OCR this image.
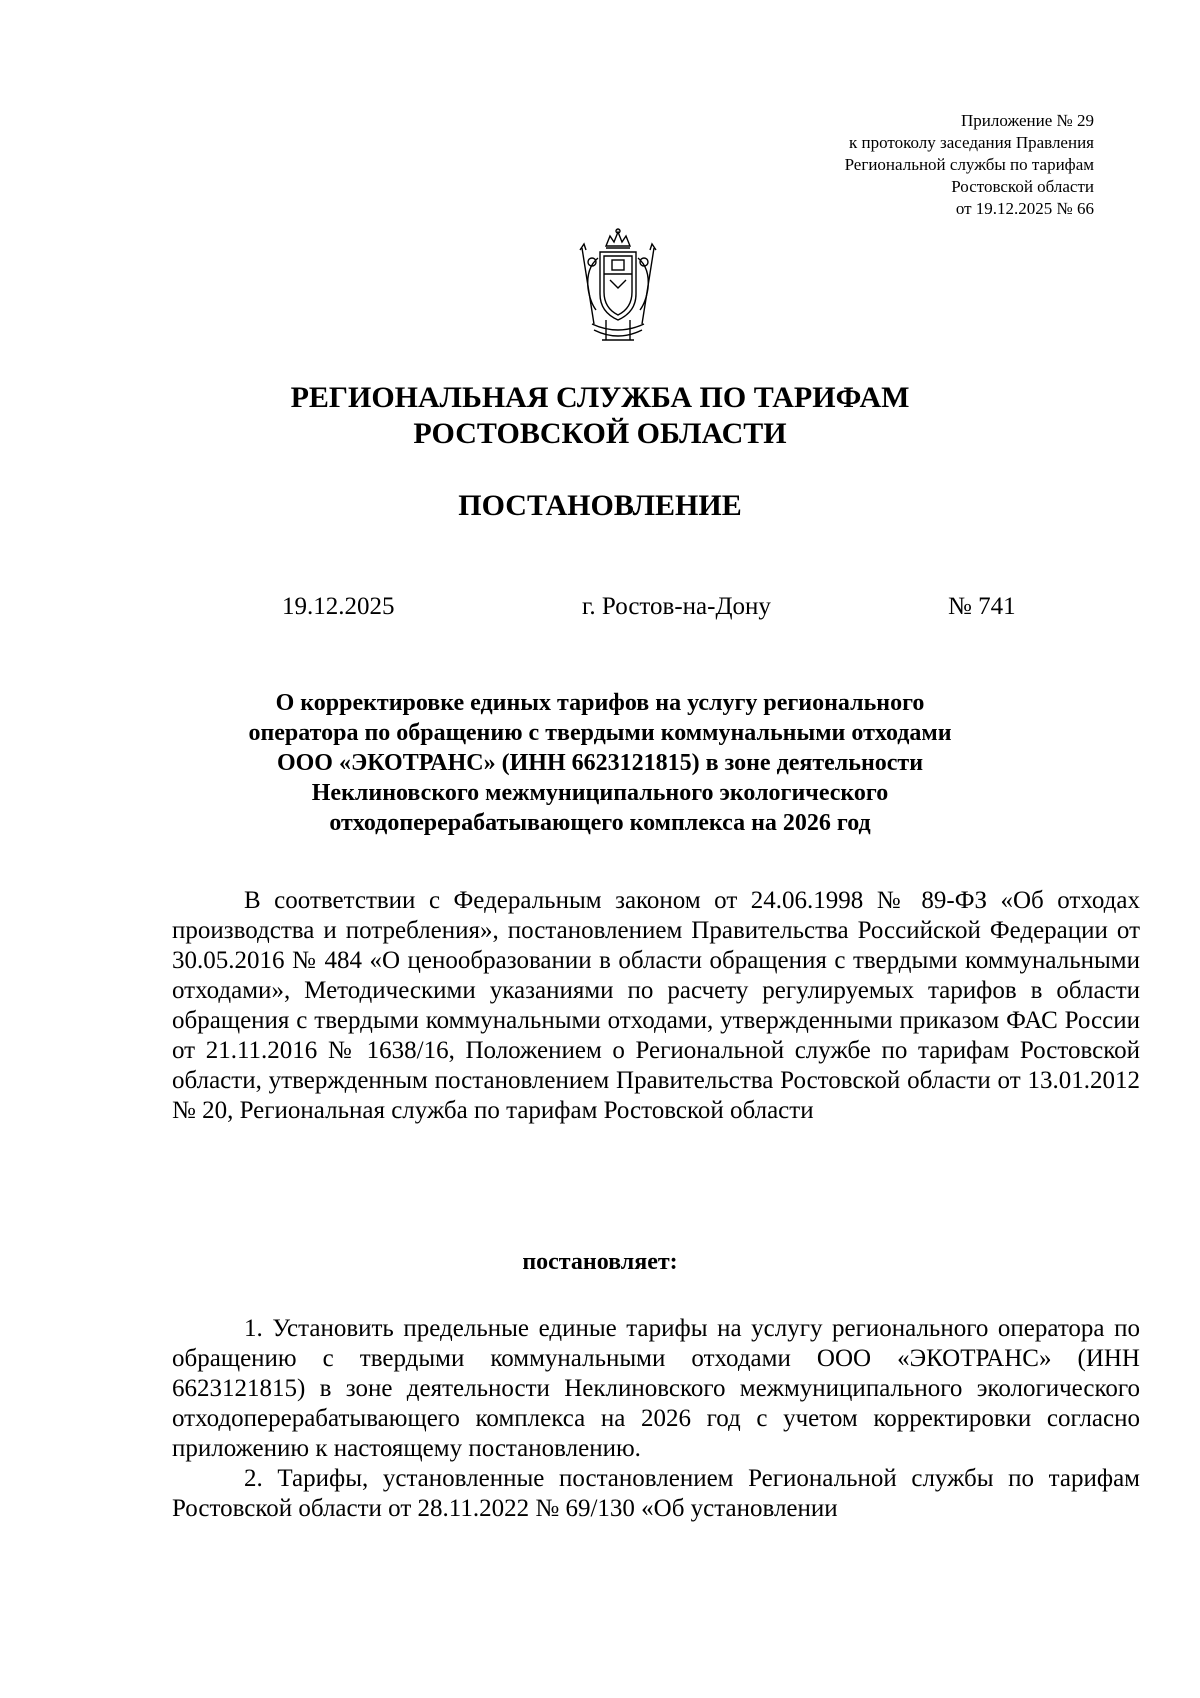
Приложение № 29
к протоколу заседания Правления
Региональной службы по тарифам
Ростовской области
от 19.12.2025 № 66
РЕГИОНАЛЬНАЯ СЛУЖБА ПО ТАРИФАМ
РОСТОВСКОЙ ОБЛАСТИ
ПОСТАНОВЛЕНИЕ
19.12.2025	г. Ростов-на-Дону	№ 741
О корректировке единых тарифов на услугу регионального
оператора по обращению с твердыми коммунальными отходами
ООО «ЭКОТРАНС» (ИНН 6623121815) в зоне деятельности
Неклиновского межмуниципального экологического
отходоперерабатывающего комплекса на 2026 год

В соответствии с Федеральным законом от 24.06.1998 № 89-ФЗ «Об отходах производства и потребления», постановлением Правительства Российской Федерации от 30.05.2016 № 484 «О ценообразовании в области обращения с твердыми коммунальными отходами», Методическими указаниями по расчету регулируемых тарифов в области обращения с твердыми коммунальными отходами, утвержденными приказом ФАС России от 21.11.2016 № 1638/16, Положением о Региональной службе по тарифам Ростовской области, утвержденным постановлением Правительства Ростовской области от 13.01.2012 № 20, Региональная служба по тарифам Ростовской области

постановляет:

1. Установить предельные единые тарифы на услугу регионального оператора по обращению с твердыми коммунальными отходами ООО «ЭКОТРАНС» (ИНН 6623121815) в зоне деятельности Неклиновского межмуниципального экологического отходоперерабатывающего комплекса на 2026 год с учетом корректировки согласно приложению к настоящему постановлению.

2. Тарифы, установленные постановлением Региональной службы по тарифам Ростовской области от 28.11.2022 № 69/130 «Об установлении
